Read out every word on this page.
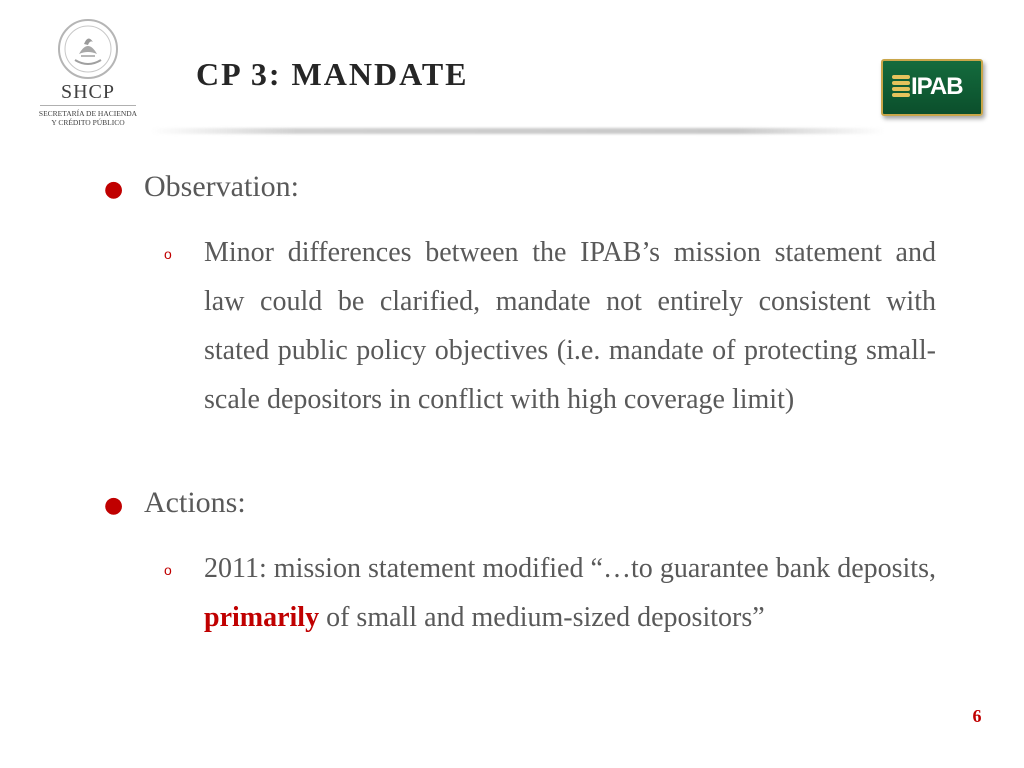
SHCP
SECRETARÍA DE HACIENDA
Y CRÉDITO PÚBLICO
CP 3: MANDATE	IPAB
● Observation:
o Minor differences between the IPAB’s mission statement and law could be clarified, mandate not entirely consistent with stated public policy objectives (i.e. mandate of protecting small-scale depositors in conflict with high coverage limit)

● Actions:
o 2011: mission statement modified “…to guarantee bank deposits, primarily of small and medium-sized depositors”

6
